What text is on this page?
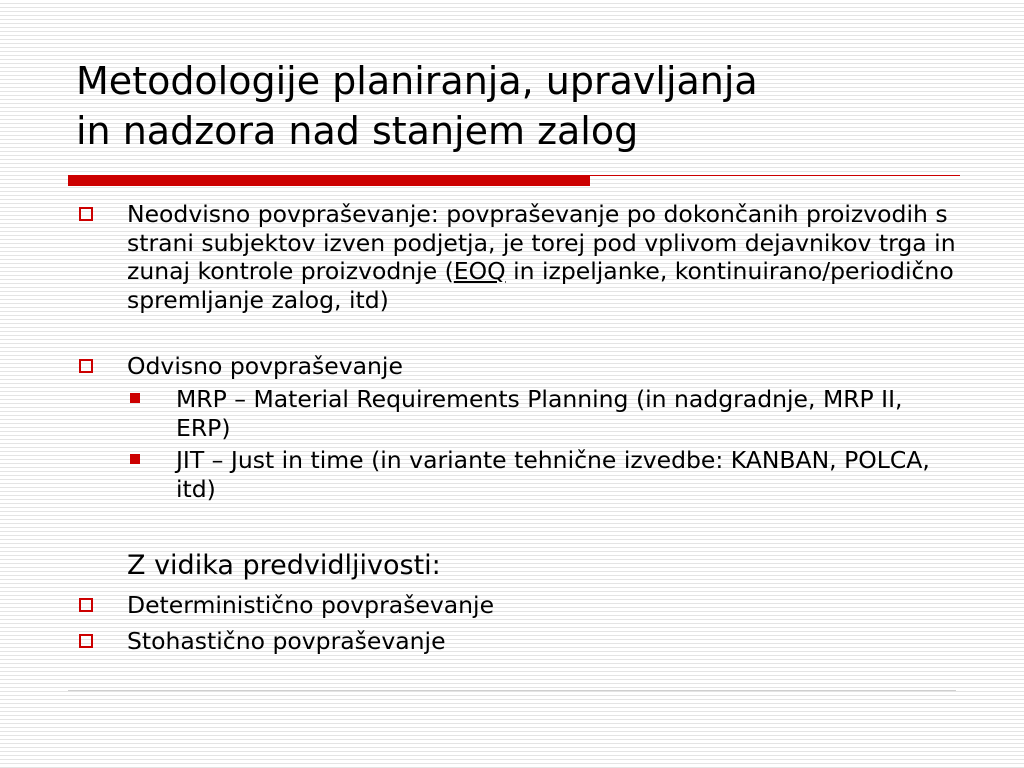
Metodologije planiranja, upravljanja
in nadzora nad stanjem zalog
Neodvisno povpraševanje: povpraševanje po dokončanih proizvodih s strani subjektov izven podjetja, je torej pod vplivom dejavnikov trga in zunaj kontrole proizvodnje (EOQ in izpeljanke, kontinuirano/periodično spremljanje zalog, itd)
Odvisno povpraševanje
MRP – Material Requirements Planning (in nadgradnje, MRP II, ERP)
JIT – Just in time (in variante tehnične izvedbe: KANBAN, POLCA, itd)
Z vidika predvidljivosti:
Deterministično povpraševanje
Stohastično povpraševanje
